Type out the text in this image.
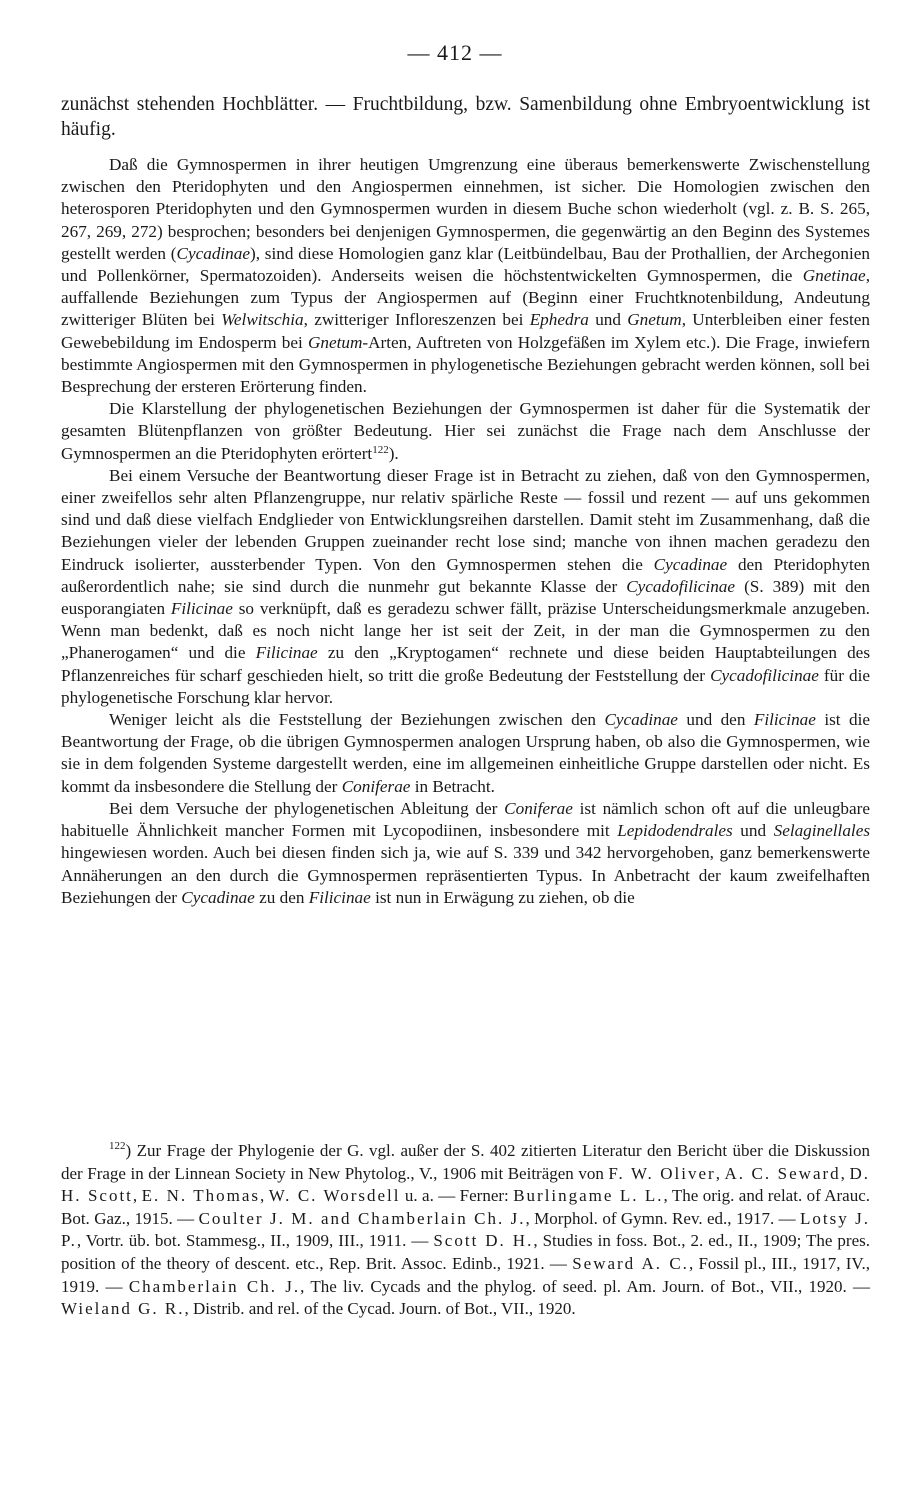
— 412 —

zunächst stehenden Hochblätter. — Fruchtbildung, bzw. Samenbildung ohne Embryoentwicklung ist häufig.

Daß die Gymnospermen in ihrer heutigen Umgrenzung eine überaus bemerkenswerte Zwischenstellung zwischen den Pteridophyten und den Angiospermen einnehmen, ist sicher. Die Homologien zwischen den heterosporen Pteridophyten und den Gymnospermen wurden in diesem Buche schon wiederholt (vgl. z. B. S. 265, 267, 269, 272) besprochen; besonders bei denjenigen Gymnospermen, die gegenwärtig an den Beginn des Systemes gestellt werden (Cycadinae), sind diese Homologien ganz klar (Leitbündelbau, Bau der Prothallien, der Archegonien und Pollenkörner, Spermatozoiden). Anderseits weisen die höchstentwickelten Gymnospermen, die Gnetinae, auffallende Beziehungen zum Typus der Angiospermen auf (Beginn einer Fruchtknotenbildung, Andeutung zwitteriger Blüten bei Welwitschia, zwitteriger Infloreszenzen bei Ephedra und Gnetum, Unterbleiben einer festen Gewebebildung im Endosperm bei Gnetum-Arten, Auftreten von Holzgefäßen im Xylem etc.). Die Frage, inwiefern bestimmte Angiospermen mit den Gymnospermen in phylogenetische Beziehungen gebracht werden können, soll bei Besprechung der ersteren Erörterung finden.

Die Klarstellung der phylogenetischen Beziehungen der Gymnospermen ist daher für die Systematik der gesamten Blütenpflanzen von größter Bedeutung. Hier sei zunächst die Frage nach dem Anschlusse der Gymnospermen an die Pteridophyten erörtert$^{122}$).

Bei einem Versuche der Beantwortung dieser Frage ist in Betracht zu ziehen, daß von den Gymnospermen, einer zweifellos sehr alten Pflanzengruppe, nur relativ spärliche Reste — fossil und rezent — auf uns gekommen sind und daß diese vielfach Endglieder von Entwicklungsreihen darstellen. Damit steht im Zusammenhang, daß die Beziehungen vieler der lebenden Gruppen zueinander recht lose sind; manche von ihnen machen geradezu den Eindruck isolierter, aussterbender Typen. Von den Gymnospermen stehen die Cycadinae den Pteridophyten außerordentlich nahe; sie sind durch die nunmehr gut bekannte Klasse der Cycadofilicinae (S. 389) mit den eusporangiaten Filicinae so verknüpft, daß es geradezu schwer fällt, präzise Unterscheidungsmerkmale anzugeben. Wenn man bedenkt, daß es noch nicht lange her ist seit der Zeit, in der man die Gymnospermen zu den „Phanerogamen“ und die Filicinae zu den „Kryptogamen“ rechnete und diese beiden Hauptabteilungen des Pflanzenreiches für scharf geschieden hielt, so tritt die große Bedeutung der Feststellung der Cycadofilicinae für die phylogenetische Forschung klar hervor.

Weniger leicht als die Feststellung der Beziehungen zwischen den Cycadinae und den Filicinae ist die Beantwortung der Frage, ob die übrigen Gymnospermen analogen Ursprung haben, ob also die Gymnospermen, wie sie in dem folgenden Systeme dargestellt werden, eine im allgemeinen einheitliche Gruppe darstellen oder nicht. Es kommt da insbesondere die Stellung der Coniferae in Betracht.

Bei dem Versuche der phylogenetischen Ableitung der Coniferae ist nämlich schon oft auf die unleugbare habituelle Ähnlichkeit mancher Formen mit Lycopodiinen, insbesondere mit Lepidodendrales und Selaginellales hingewiesen worden. Auch bei diesen finden sich ja, wie auf S. 339 und 342 hervorgehoben, ganz bemerkenswerte Annäherungen an den durch die Gymnospermen repräsentierten Typus. In Anbetracht der kaum zweifelhaften Beziehungen der Cycadinae zu den Filicinae ist nun in Erwägung zu ziehen, ob die

$^{122}$) Zur Frage der Phylogenie der G. vgl. außer der S. 402 zitierten Literatur den Bericht über die Diskussion der Frage in der Linnean Society in New Phytolog., V., 1906 mit Beiträgen von F. W. Oliver, A. C. Seward, D. H. Scott, E. N. Thomas, W. C. Worsdell u. a. — Ferner: Burlingame L. L., The orig. and relat. of Arauc. Bot. Gaz., 1915. — Coulter J. M. and Chamberlain Ch. J., Morphol. of Gymn. Rev. ed., 1917. — Lotsy J. P., Vortr. üb. bot. Stammesg., II., 1909, III., 1911. — Scott D. H., Studies in foss. Bot., 2. ed., II., 1909; The pres. position of the theory of descent. etc., Rep. Brit. Assoc. Edinb., 1921. — Seward A. C., Fossil pl., III., 1917, IV., 1919. — Chamberlain Ch. J., The liv. Cycads and the phylog. of seed. pl. Am. Journ. of Bot., VII., 1920. — Wieland G. R., Distrib. and rel. of the Cycad. Journ. of Bot., VII., 1920.
